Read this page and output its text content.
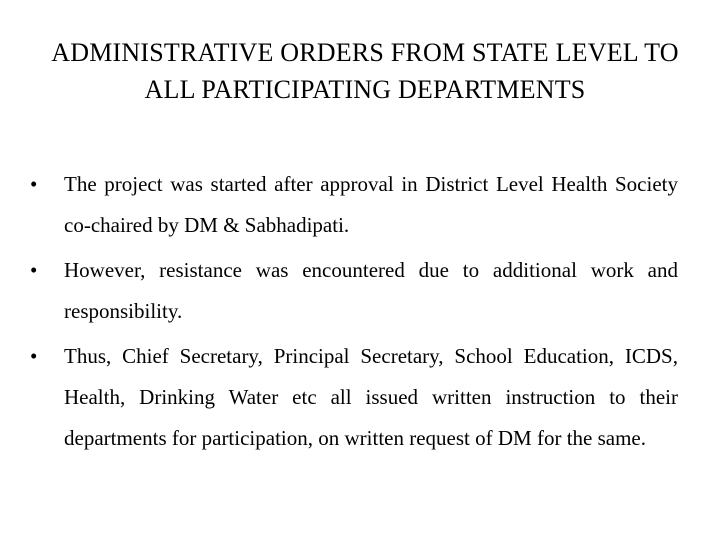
ADMINISTRATIVE ORDERS FROM STATE LEVEL TO ALL PARTICIPATING DEPARTMENTS
• The project was started after approval in District Level Health Society co-chaired by DM & Sabhadipati.
• However, resistance was encountered due to additional work and responsibility.
• Thus, Chief Secretary, Principal Secretary, School Education, ICDS, Health, Drinking Water etc all issued written instruction to their departments for participation, on written request of DM for the same.
